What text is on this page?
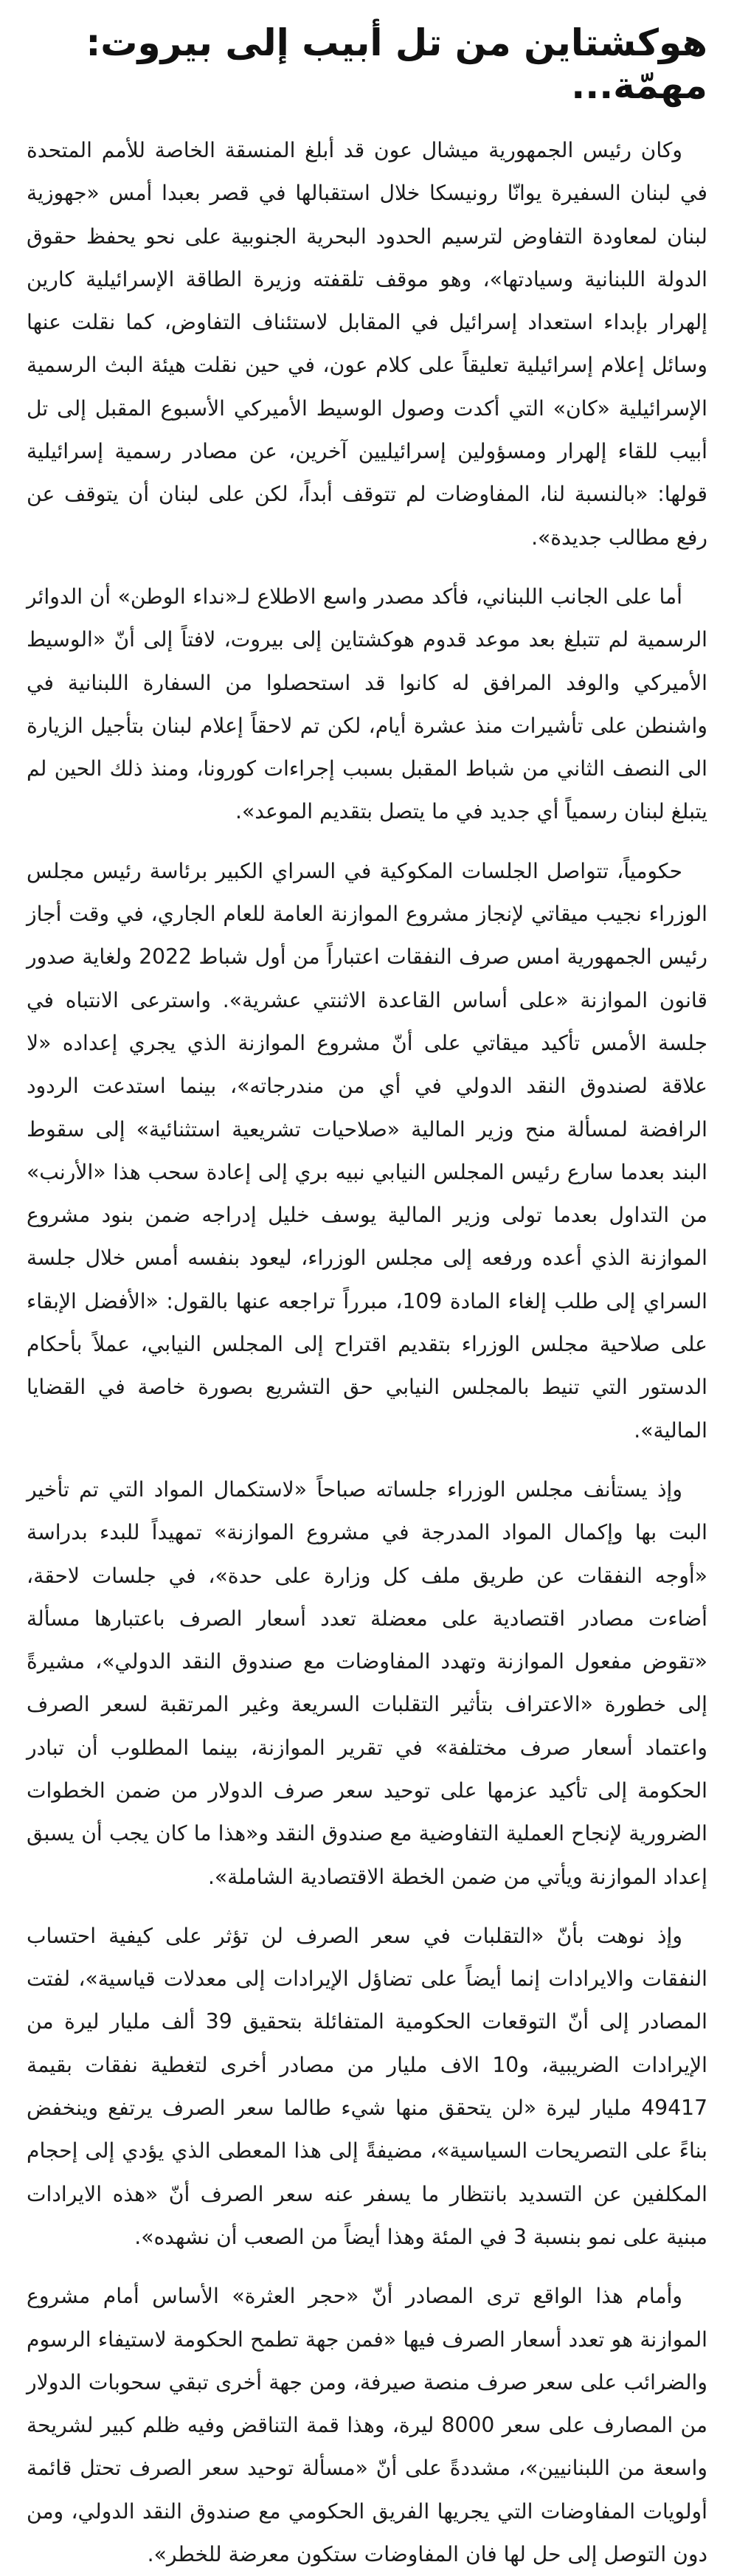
هوكشتاين من تل أبيب إلى بيروت: مهمّة...

وكان رئيس الجمهورية ميشال عون قد أبلغ المنسقة الخاصة للأمم المتحدة في لبنان السفيرة يوانّا رونيسكا خلال استقبالها في قصر بعبدا أمس «جهوزية لبنان لمعاودة التفاوض لترسيم الحدود البحرية الجنوبية على نحو يحفظ حقوق الدولة اللبنانية وسيادتها»، وهو موقف تلقفته وزيرة الطاقة الإسرائيلية كارين إلهرار بإبداء استعداد إسرائيل في المقابل لاستئناف التفاوض، كما نقلت عنها وسائل إعلام إسرائيلية تعليقاً على كلام عون، في حين نقلت هيئة البث الرسمية الإسرائيلية «كان» التي أكدت وصول الوسيط الأميركي الأسبوع المقبل إلى تل أبيب للقاء إلهرار ومسؤولين إسرائيليين آخرين، عن مصادر رسمية إسرائيلية قولها: «بالنسبة لنا، المفاوضات لم تتوقف أبداً، لكن على لبنان أن يتوقف عن رفع مطالب جديدة».

أما على الجانب اللبناني، فأكد مصدر واسع الاطلاع لـ«نداء الوطن» أن الدوائر الرسمية لم تتبلغ بعد موعد قدوم هوكشتاين إلى بيروت، لافتاً إلى أنّ «الوسيط الأميركي والوفد المرافق له كانوا قد استحصلوا من السفارة اللبنانية في واشنطن على تأشيرات منذ عشرة أيام، لكن تم لاحقاً إعلام لبنان بتأجيل الزيارة الى النصف الثاني من شباط المقبل بسبب إجراءات كورونا، ومنذ ذلك الحين لم يتبلغ لبنان رسمياً أي جديد في ما يتصل بتقديم الموعد».

حكومياً، تتواصل الجلسات المكوكية في السراي الكبير برئاسة رئيس مجلس الوزراء نجيب ميقاتي لإنجاز مشروع الموازنة العامة للعام الجاري، في وقت أجاز رئيس الجمهورية امس صرف النفقات اعتباراً من أول شباط 2022 ولغاية صدور قانون الموازنة «على أساس القاعدة الاثنتي عشرية». واسترعى الانتباه في جلسة الأمس تأكيد ميقاتي على أنّ مشروع الموازنة الذي يجري إعداده «لا علاقة لصندوق النقد الدولي في أي من مندرجاته»، بينما استدعت الردود الرافضة لمسألة منح وزير المالية «صلاحيات تشريعية استثنائية» إلى سقوط البند بعدما سارع رئيس المجلس النيابي نبيه بري إلى إعادة سحب هذا «الأرنب» من التداول بعدما تولى وزير المالية يوسف خليل إدراجه ضمن بنود مشروع الموازنة الذي أعده ورفعه إلى مجلس الوزراء، ليعود بنفسه أمس خلال جلسة السراي إلى طلب إلغاء المادة 109، مبرراً تراجعه عنها بالقول: «الأفضل الإبقاء على صلاحية مجلس الوزراء بتقديم اقتراح إلى المجلس النيابي، عملاً بأحكام الدستور التي تنيط بالمجلس النيابي حق التشريع بصورة خاصة في القضايا المالية».

وإذ يستأنف مجلس الوزراء جلساته صباحاً «لاستكمال المواد التي تم تأخير البت بها وإكمال المواد المدرجة في مشروع الموازنة» تمهيداً للبدء بدراسة «أوجه النفقات عن طريق ملف كل وزارة على حدة»، في جلسات لاحقة، أضاءت مصادر اقتصادية على معضلة تعدد أسعار الصرف باعتبارها مسألة «تقوض مفعول الموازنة وتهدد المفاوضات مع صندوق النقد الدولي»، مشيرةً إلى خطورة «الاعتراف بتأثير التقلبات السريعة وغير المرتقبة لسعر الصرف واعتماد أسعار صرف مختلفة» في تقرير الموازنة، بينما المطلوب أن تبادر الحكومة إلى تأكيد عزمها على توحيد سعر صرف الدولار من ضمن الخطوات الضرورية لإنجاح العملية التفاوضية مع صندوق النقد و«هذا ما كان يجب أن يسبق إعداد الموازنة ويأتي من ضمن الخطة الاقتصادية الشاملة».

وإذ نوهت بأنّ «التقلبات في سعر الصرف لن تؤثر على كيفية احتساب النفقات والايرادات إنما أيضاً على تضاؤل الإيرادات إلى معدلات قياسية»، لفتت المصادر إلى أنّ التوقعات الحكومية المتفائلة بتحقيق 39 ألف مليار ليرة من الإيرادات الضريبية، و10 الاف مليار من مصادر أخرى لتغطية نفقات بقيمة 49417 مليار ليرة «لن يتحقق منها شيء طالما سعر الصرف يرتفع وينخفض بناءً على التصريحات السياسية»، مضيفةً إلى هذا المعطى الذي يؤدي إلى إحجام المكلفين عن التسديد بانتظار ما يسفر عنه سعر الصرف أنّ «هذه الايرادات مبنية على نمو بنسبة 3 في المئة وهذا أيضاً من الصعب أن نشهده».

وأمام هذا الواقع ترى المصادر أنّ «حجر العثرة» الأساس أمام مشروع الموازنة هو تعدد أسعار الصرف فيها «فمن جهة تطمح الحكومة لاستيفاء الرسوم والضرائب على سعر صرف منصة صيرفة، ومن جهة أخرى تبقي سحوبات الدولار من المصارف على سعر 8000 ليرة، وهذا قمة التناقض وفيه ظلم كبير لشريحة واسعة من اللبنانيين»، مشددةً على أنّ «مسألة توحيد سعر الصرف تحتل قائمة أولويات المفاوضات التي يجريها الفريق الحكومي مع صندوق النقد الدولي، ومن دون التوصل إلى حل لها فان المفاوضات ستكون معرضة للخطر».
